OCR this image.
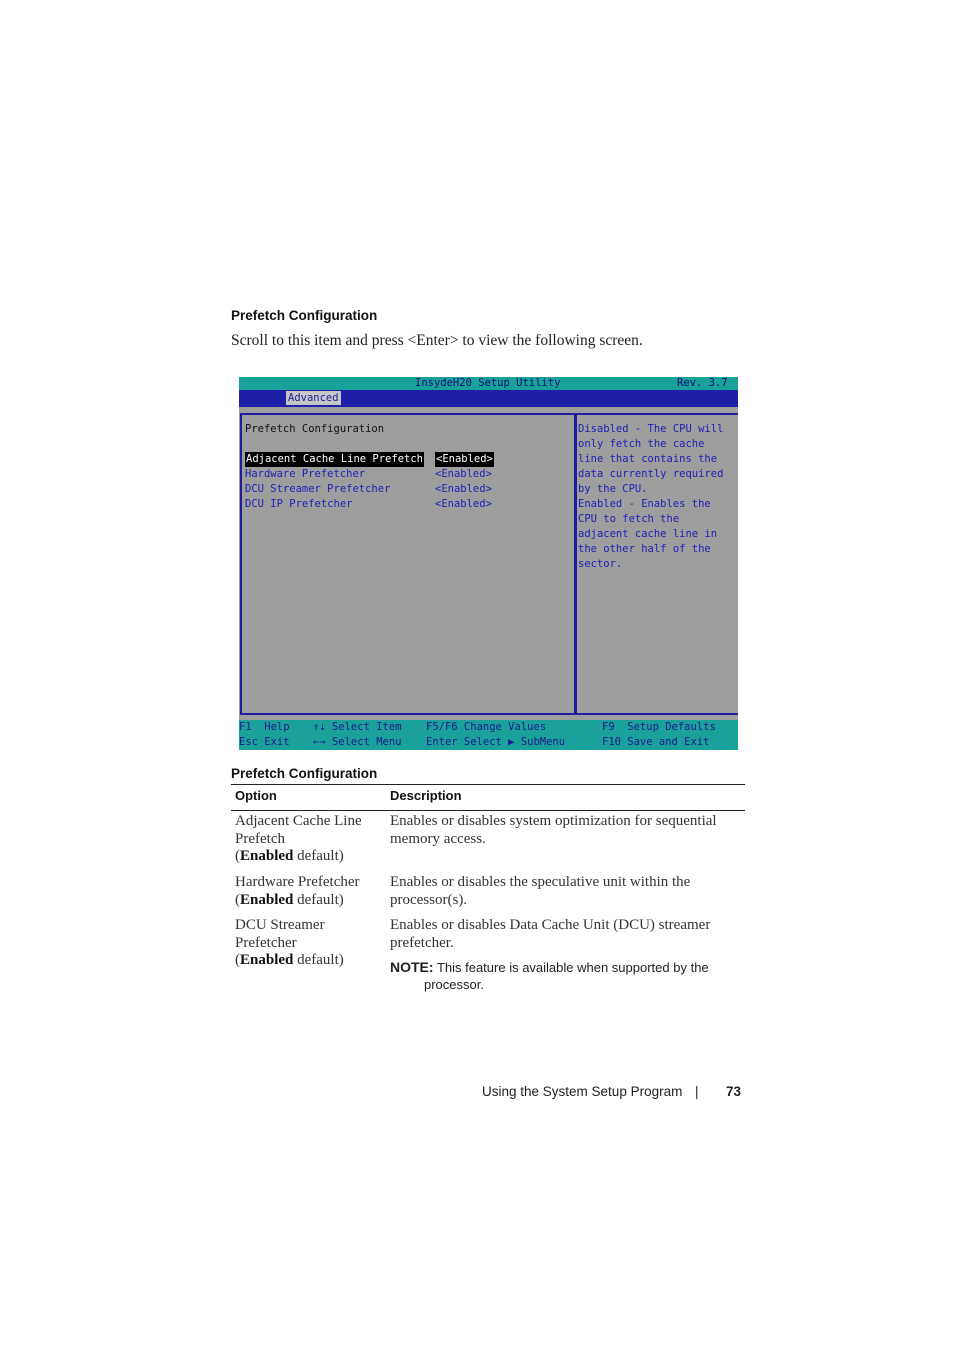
Prefetch Configuration
Scroll to this item and press <Enter> to view the following screen.
InsydeH20 Setup Utility	Rev. 3.7
Advanced
Prefetch Configuration
Adjacent Cache Line Prefetch <Enabled>
Hardware Prefetcher	<Enabled>
DCU Streamer Prefetcher	<Enabled>
DCU IP Prefetcher	<Enabled>
Disabled - The CPU will
only fetch the cache
line that contains the
data currently required
by the CPU.
Enabled - Enables the
CPU to fetch the
adjacent cache line in
the other half of the
sector.
F1  Help
Esc Exit
↑↓ Select Item
←→ Select Menu
F5/F6 Change Values
Enter Select ▶ SubMenu
F9  Setup Defaults
F10 Save and Exit
Prefetch Configuration
Option	Description
Adjacent Cache Line Prefetch
(Enabled default)
Enables or disables system optimization for sequential memory access.
Hardware Prefetcher
(Enabled default)
Enables or disables the speculative unit within the processor(s).
DCU Streamer Prefetcher
(Enabled default)
Enables or disables Data Cache Unit (DCU) streamer prefetcher.
NOTE: This feature is available when supported by the processor.
Using the System Setup Program | 73
